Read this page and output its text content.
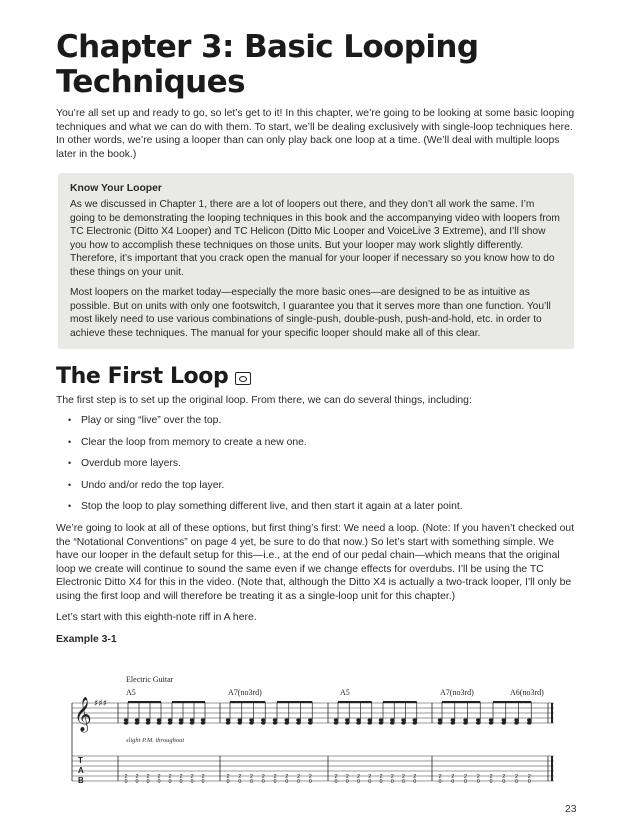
Chapter 3: Basic Looping
Techniques

You’re all set up and ready to go, so let’s get to it! In this chapter, we’re going to be looking at some basic looping techniques and what we can do with them. To start, we’ll be dealing exclusively with single-loop techniques here. In other words, we’re using a looper than can only play back one loop at a time. (We’ll deal with multiple loops later in the book.)

Know Your Looper

As we discussed in Chapter 1, there are a lot of loopers out there, and they don’t all work the same. I’m going to be demonstrating the looping techniques in this book and the accompanying video with loopers from TC Electronic (Ditto X4 Looper) and TC Helicon (Ditto Mic Looper and VoiceLive 3 Extreme), and I’ll show you how to accomplish these techniques on those units. But your looper may work slightly differently. Therefore, it’s important that you crack open the manual for your looper if necessary so you know how to do these things on your unit.

Most loopers on the market today—especially the more basic ones—are designed to be as intuitive as possible. But on units with only one footswitch, I guarantee you that it serves more than one function. You’ll most likely need to use various combinations of single-push, double-push, push-and-hold, etc. in order to achieve these techniques. The manual for your specific looper should make all of this clear.

The First Loop

The first step is to set up the original loop. From there, we can do several things, including:

• Play or sing “live” over the top.
• Clear the loop from memory to create a new one.
• Overdub more layers.
• Undo and/or redo the top layer.
• Stop the loop to play something different live, and then start it again at a later point.

We’re going to look at all of these options, but first thing’s first: We need a loop. (Note: If you haven’t checked out the “Notational Conventions” on page 4 yet, be sure to do that now.) So let’s start with something simple. We have our looper in the default setup for this—i.e., at the end of our pedal chain—which means that the original loop we create will continue to sound the same even if we change effects for overdubs. I’ll be using the TC Electronic Ditto X4 for this in the video. (Note that, although the Ditto X4 is actually a two-track looper, I’ll only be using the first loop and will therefore be treating it as a single-loop unit for this chapter.)

Let’s start with this eighth-note riff in A here.

Example 3-1

Electric Guitar
A5	A7(no3rd)	A5	A7(no3rd)	A6(no3rd)
𝄞 ♯♯♯
slight P.M. throughout
T
A
B	2
0
2
0
2
0
2
0
2
0
2
0
2
0
2
0
2
0
2
0
2
0
2
0
2
0
2
0
2
0
2
0
2
0
2
0
2
0
2
0
2
0
2
0
2
0
2
0
2
0
2
0
2
0
2
0
2
0
2
0
2
0
2
0
23
